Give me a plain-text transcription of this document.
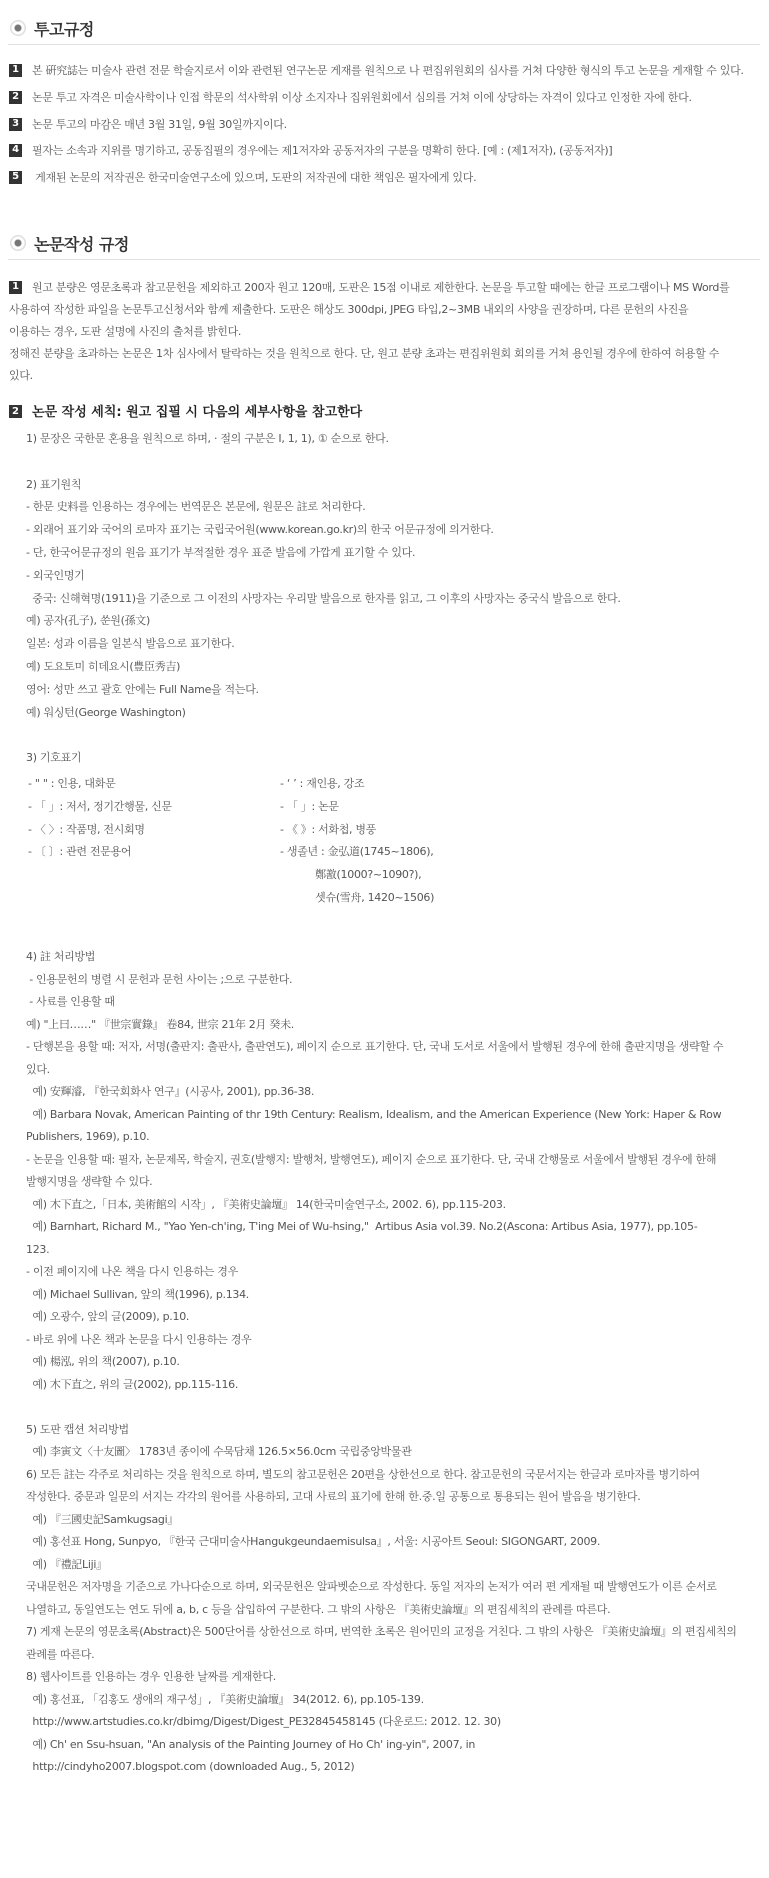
투고규정
1 본 硏究誌는 미술사 관련 전문 학술지로서 이와 관련된 연구논문 게재를 원칙으로 나 편집위원회의 심사를 거쳐 다양한 형식의 투고 논문을 게재할 수 있다.
2 논문 투고 자격은 미술사학이나 인접 학문의 석사학위 이상 소지자나 집위원회에서 심의를 거쳐 이에 상당하는 자격이 있다고 인정한 자에 한다.
3 논문 투고의 마감은 매년 3월 31일, 9월 30일까지이다.
4 필자는 소속과 지위를 명기하고, 공동집필의 경우에는 제1저자와 공동저자의 구분을 명확히 한다. [예 : (제1저자), (공동저자)]
5 게재된 논문의 저작권은 한국미술연구소에 있으며, 도판의 저작권에 대한 책임은 필자에게 있다.
논문작성 규정
1 원고 분량은 영문초록과 참고문헌을 제외하고 200자 원고 120매, 도판은 15점 이내로 제한한다. 논문을 투고할 때에는 한글 프로그램이나 MS Word를
사용하여 작성한 파일을 논문투고신청서와 함께 제출한다. 도판은 해상도 300dpi, JPEG 타입,2~3MB 내외의 사양을 권장하며, 다른 문헌의 사진을
이용하는 경우, 도판 설명에 사진의 출처를 밝힌다.
정해진 분량을 초과하는 논문은 1차 심사에서 탈락하는 것을 원칙으로 한다. 단, 원고 분량 초과는 편집위원회 회의를 거쳐 용인될 경우에 한하여 허용할 수
있다.
2 논문 작성 세칙: 원고 집필 시 다음의 세부사항을 참고한다
1) 문장은 국한문 혼용을 원칙으로 하며, · 절의 구분은 I, 1, 1), ① 순으로 한다.
2) 표기원칙
- 한문 史料를 인용하는 경우에는 번역문은 본문에, 원문은 註로 처리한다.
- 외래어 표기와 국어의 로마자 표기는 국립국어원(www.korean.go.kr)의 한국 어문규정에 의거한다.
- 단, 한국어문규정의 원음 표기가 부적절한 경우 표준 발음에 가깝게 표기할 수 있다.
- 외국인명기
중국: 신해혁명(1911)을 기준으로 그 이전의 사망자는 우리말 발음으로 한자를 읽고, 그 이후의 사망자는 중국식 발음으로 한다.
예) 공자(孔子), 쑨원(孫文)
일본: 성과 이름을 일본식 발음으로 표기한다.
예) 도요토미 히데요시(豊臣秀吉)
영어: 성만 쓰고 괄호 안에는 Full Name을 적는다.
예) 워싱턴(George Washington)
3) 기호표기
- " " : 인용, 대화문
- 「 」: 저서, 정기간행물, 신문
- 〈 〉: 작품명, 전시회명
- 〔 〕: 관련 전문용어
- ‘ ’ : 재인용, 강조
- 「 」: 논문
- 《 》: 서화첩, 병풍
- 생졸년 : 金弘道(1745~1806),
鄭敾(1000?~1090?),
셋슈(雪舟, 1420~1506)
4) 註 처리방법
- 인용문헌의 병렬 시 문헌과 문헌 사이는 ;으로 구분한다.
- 사료를 인용할 때
예) "上曰……" 『世宗實錄』 卷84, 世宗 21年 2月 癸未.
- 단행본을 용할 때: 저자, 서명(출판지: 출판사, 출판연도), 페이지 순으로 표기한다. 단, 국내 도서로 서울에서 발행된 경우에 한해 출판지명을 생략할 수
있다.
예) 安輝濬, 『한국회화사 연구』(시공사, 2001), pp.36-38.
예) Barbara Novak, American Painting of thr 19th Century: Realism, Idealism, and the American Experience (New York: Haper & Row
Publishers, 1969), p.10.
- 논문을 인용할 때: 필자, 논문제목, 학술지, 권호(발행지: 발행처, 발행연도), 페이지 순으로 표기한다. 단, 국내 간행물로 서울에서 발행된 경우에 한해
발행지명을 생략할 수 있다.
예) 木下直之,「日本, 美術館의 시작」, 『美術史論壇』 14(한국미술연구소, 2002. 6), pp.115-203.
예) Barnhart, Richard M., "Yao Yen-ch'ing, T'ing Mei of Wu-hsing,"  Artibus Asia vol.39. No.2(Ascona: Artibus Asia, 1977), pp.105-
123.
- 이전 페이지에 나온 책을 다시 인용하는 경우
예) Michael Sullivan, 앞의 책(1996), p.134.
예) 오광수, 앞의 글(2009), p.10.
- 바로 위에 나온 책과 논문을 다시 인용하는 경우
예) 楊泓, 위의 책(2007), p.10.
예) 木下直之, 위의 글(2002), pp.115-116.
5) 도판 캡션 처리방법
예) 李寅文〈十友圖〉 1783년 종이에 수묵담채 126.5×56.0cm 국립중앙박물관
6) 모든 註는 각주로 처리하는 것을 원칙으로 하며, 별도의 참고문헌은 20편을 상한선으로 한다. 참고문헌의 국문서지는 한글과 로마자를 병기하여
작성한다. 중문과 일문의 서지는 각각의 원어를 사용하되, 고대 사료의 표기에 한해 한.중.일 공통으로 통용되는 원어 발음을 병기한다.
예) 『三國史記Samkugsagi』
예) 홍선표 Hong, Sunpyo, 『한국 근대미술사Hangukgeundaemisulsa』, 서울: 시공아트 Seoul: SIGONGART, 2009.
예) 『禮記Liji』
국내문헌은 저자명을 기준으로 가나다순으로 하며, 외국문헌은 알파벳순으로 작성한다. 동일 저자의 논저가 여러 편 게재될 때 발행연도가 이른 순서로
나열하고, 동일연도는 연도 뒤에 a, b, c 등을 삽입하여 구분한다. 그 밖의 사항은 『美術史論壇』의 편집세칙의 관례를 따른다.
7) 게재 논문의 영문초록(Abstract)은 500단어를 상한선으로 하며, 번역한 초록은 원어민의 교정을 거친다. 그 밖의 사항은 『美術史論壇』의 편집세칙의
관례를 따른다.
8) 웹사이트를 인용하는 경우 인용한 날짜를 게재한다.
예) 홍선표, 「김홍도 생애의 재구성」, 『美術史論壇』 34(2012. 6), pp.105-139.
http://www.artstudies.co.kr/dbimg/Digest/Digest_PE32845458145 (다운로드: 2012. 12. 30)
예) Ch' en Ssu-hsuan, "An analysis of the Painting Journey of Ho Ch' ing-yin", 2007, in
http://cindyho2007.blogspot.com (downloaded Aug., 5, 2012)
